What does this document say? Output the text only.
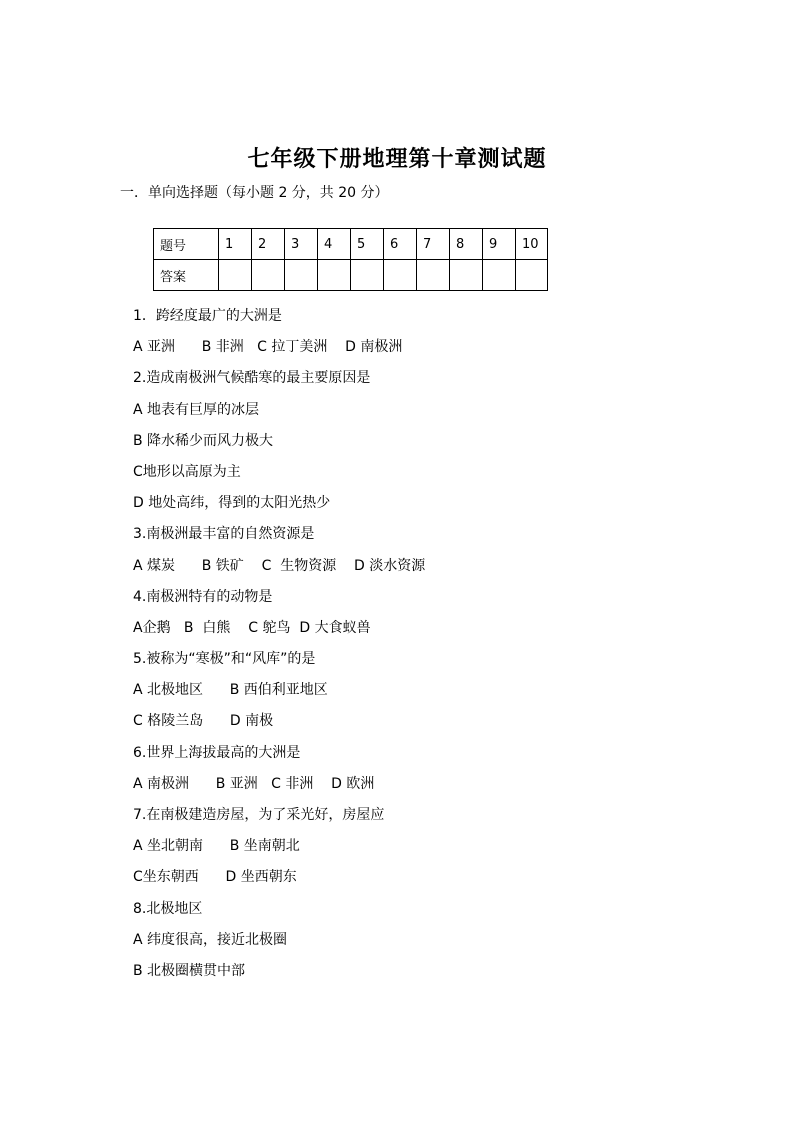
七年级下册地理第十章测试题
一．单向选择题（每小题 2 分，共 20 分）
题号	1	2	3	4	5	6	7	8	9	10
答案										
1．跨经度最广的大洲是
A 亚洲      B 非洲   C 拉丁美洲    D 南极洲
2.造成南极洲气候酷寒的最主要原因是
A 地表有巨厚的冰层
B 降水稀少而风力极大
C地形以高原为主
D 地处高纬，得到的太阳光热少
3.南极洲最丰富的自然资源是
A 煤炭      B 铁矿    C  生物资源    D 淡水资源
4.南极洲特有的动物是
A企鹅   B  白熊    C 鸵鸟  D 大食蚁兽
5.被称为“寒极”和“风库”的是
A 北极地区      B 西伯利亚地区
C 格陵兰岛      D 南极
6.世界上海拔最高的大洲是
A 南极洲      B 亚洲   C 非洲    D 欧洲
7.在南极建造房屋，为了采光好，房屋应
A 坐北朝南      B 坐南朝北
C坐东朝西      D 坐西朝东
8.北极地区
A 纬度很高，接近北极圈
B 北极圈横贯中部
